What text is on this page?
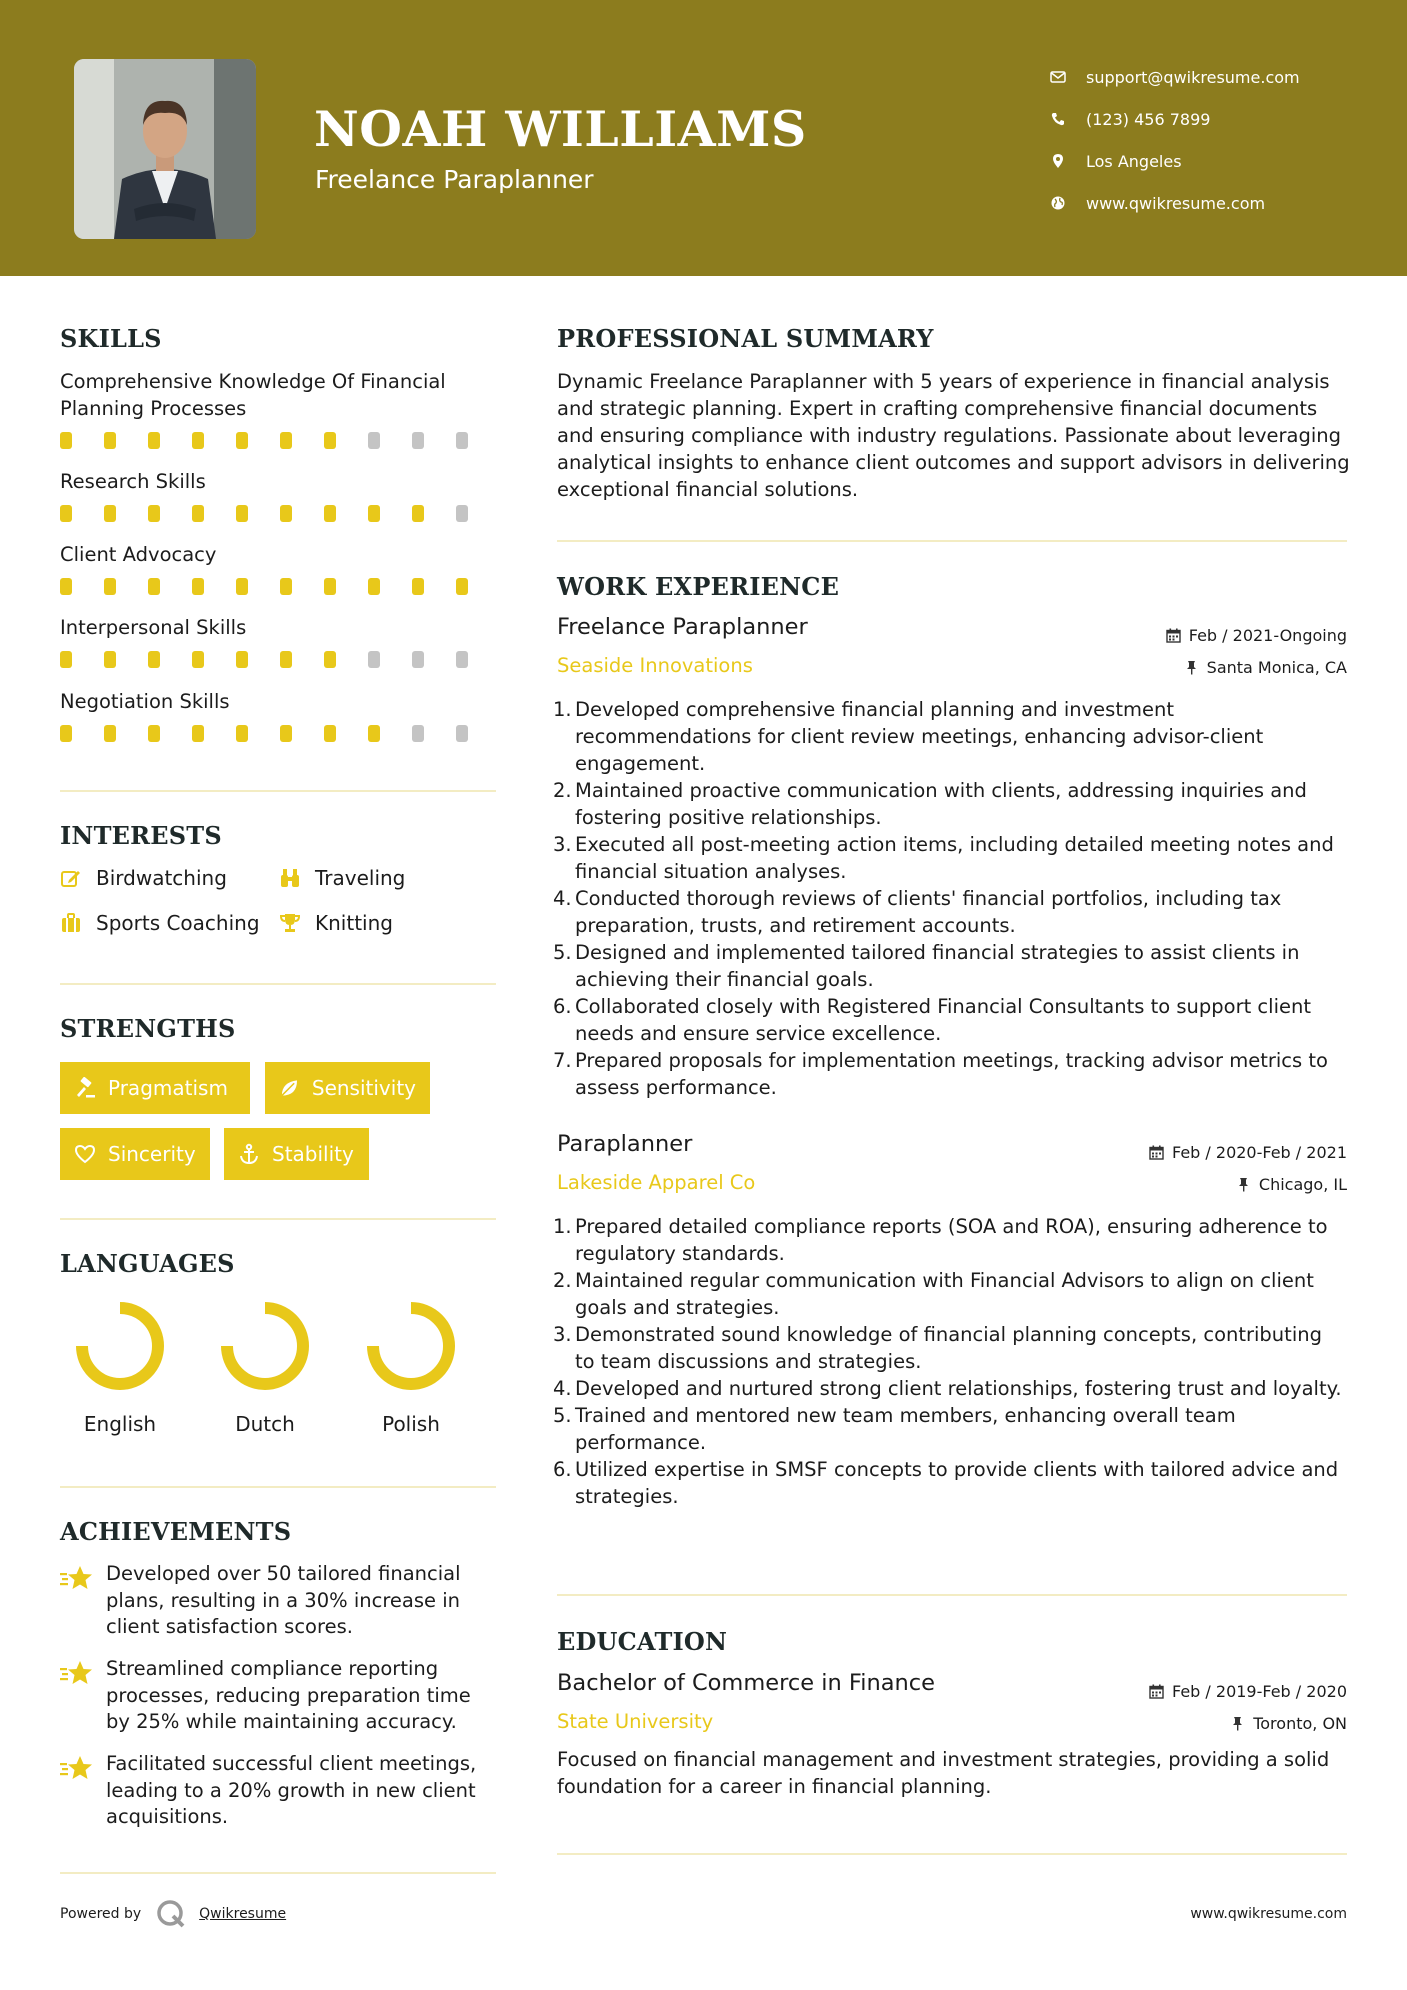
NOAH WILLIAMS
Freelance Paraplanner
support@qwikresume.com
(123) 456 7899
Los Angeles
www.qwikresume.com
SKILLS
Comprehensive Knowledge Of Financial Planning Processes
Research Skills
Client Advocacy
Interpersonal Skills
Negotiation Skills
INTERESTS
Birdwatching	Traveling
Sports Coaching	Knitting
STRENGTHS
Pragmatism	Sensitivity
Sincerity	Stability
LANGUAGES
English	Dutch	Polish
ACHIEVEMENTS
Developed over 50 tailored financial plans, resulting in a 30% increase in client satisfaction scores.
Streamlined compliance reporting processes, reducing preparation time by 25% while maintaining accuracy.
Facilitated successful client meetings, leading to a 20% growth in new client acquisitions.
Powered by	Qwikresume
PROFESSIONAL SUMMARY
Dynamic Freelance Paraplanner with 5 years of experience in financial analysis and strategic planning. Expert in crafting comprehensive financial documents and ensuring compliance with industry regulations. Passionate about leveraging analytical insights to enhance client outcomes and support advisors in delivering exceptional financial solutions.
WORK EXPERIENCE
Freelance Paraplanner	Feb / 2021-Ongoing
Seaside Innovations	Santa Monica, CA
1. Developed comprehensive financial planning and investment recommendations for client review meetings, enhancing advisor-client engagement.
2. Maintained proactive communication with clients, addressing inquiries and fostering positive relationships.
3. Executed all post-meeting action items, including detailed meeting notes and financial situation analyses.
4. Conducted thorough reviews of clients' financial portfolios, including tax preparation, trusts, and retirement accounts.
5. Designed and implemented tailored financial strategies to assist clients in achieving their financial goals.
6. Collaborated closely with Registered Financial Consultants to support client needs and ensure service excellence.
7. Prepared proposals for implementation meetings, tracking advisor metrics to assess performance.
Paraplanner	Feb / 2020-Feb / 2021
Lakeside Apparel Co	Chicago, IL
1. Prepared detailed compliance reports (SOA and ROA), ensuring adherence to regulatory standards.
2. Maintained regular communication with Financial Advisors to align on client goals and strategies.
3. Demonstrated sound knowledge of financial planning concepts, contributing to team discussions and strategies.
4. Developed and nurtured strong client relationships, fostering trust and loyalty.
5. Trained and mentored new team members, enhancing overall team performance.
6. Utilized expertise in SMSF concepts to provide clients with tailored advice and strategies.
EDUCATION
Bachelor of Commerce in Finance	Feb / 2019-Feb / 2020
State University	Toronto, ON
Focused on financial management and investment strategies, providing a solid foundation for a career in financial planning.
www.qwikresume.com
